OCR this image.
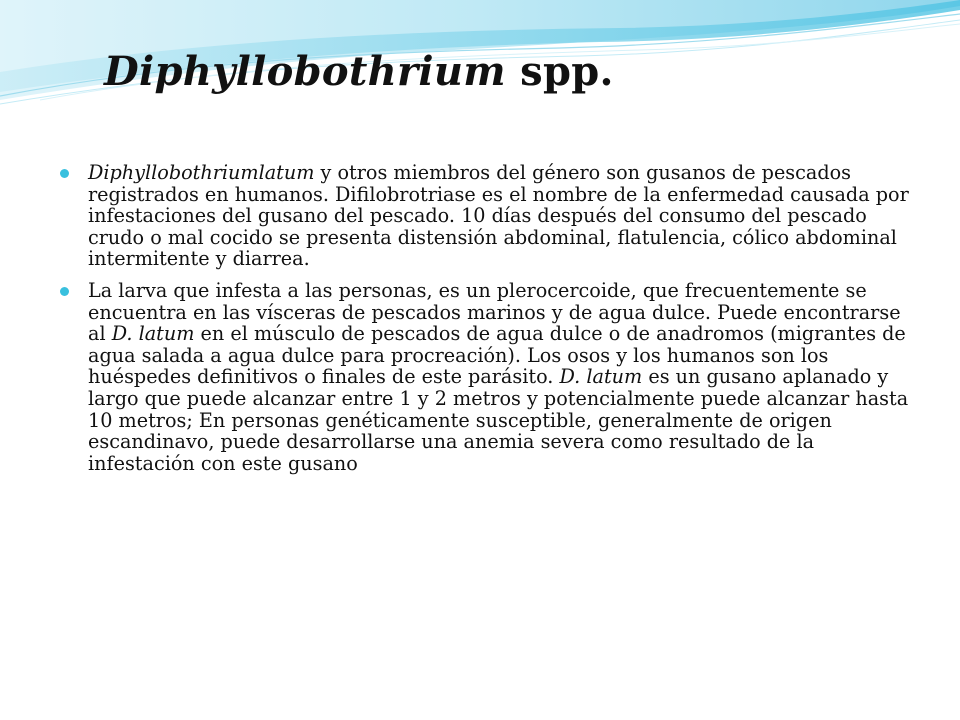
Diphyllobothrium spp.
Diphyllobothriumlatum y otros miembros del género son gusanos de pescados registrados en humanos. Difilobrotriase es el nombre de la enfermedad causada por infestaciones del gusano del pescado. 10 días después del consumo del pescado crudo o mal cocido se presenta distensión abdominal, flatulencia, cólico abdominal intermitente y diarrea.
La larva que infesta a las personas, es un plerocercoide, que frecuentemente se encuentra en las vísceras de pescados marinos y de agua dulce. Puede encontrarse al D. latum en el músculo de pescados de agua dulce o de anadromos (migrantes de agua salada a agua dulce para procreación). Los osos y los humanos son los huéspedes definitivos o finales de este parásito. D. latum es un gusano aplanado y largo que puede alcanzar entre 1 y 2 metros y potencialmente puede alcanzar hasta 10 metros; En personas genéticamente susceptible, generalmente de origen escandinavo, puede desarrollarse una anemia severa como resultado de la infestación con este gusano
